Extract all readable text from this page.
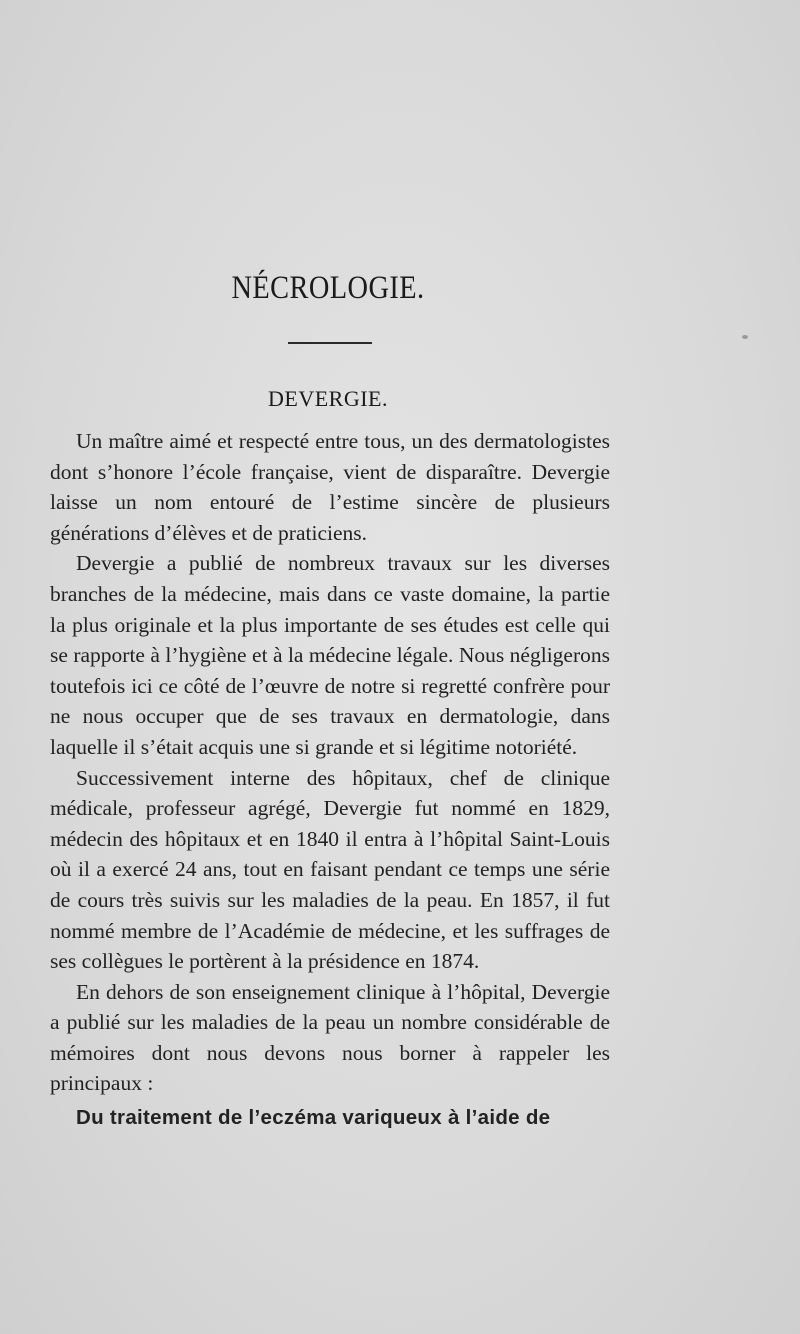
NÉCROLOGIE.
DEVERGIE.

Un maître aimé et respecté entre tous, un des dermatologistes dont s’honore l’école française, vient de disparaître. Devergie laisse un nom entouré de l’estime sincère de plusieurs générations d’élèves et de praticiens.

Devergie a publié de nombreux travaux sur les diverses branches de la médecine, mais dans ce vaste domaine, la partie la plus originale et la plus importante de ses études est celle qui se rapporte à l’hygiène et à la médecine légale. Nous négligerons toutefois ici ce côté de l’œuvre de notre si regretté confrère pour ne nous occuper que de ses travaux en dermatologie, dans laquelle il s’était acquis une si grande et si légitime notoriété.

Successivement interne des hôpitaux, chef de clinique médicale, professeur agrégé, Devergie fut nommé en 1829, médecin des hôpitaux et en 1840 il entra à l’hôpital Saint-Louis où il a exercé 24 ans, tout en faisant pendant ce temps une série de cours très suivis sur les maladies de la peau. En 1857, il fut nommé membre de l’Académie de médecine, et les suffrages de ses collègues le portèrent à la présidence en 1874.

En dehors de son enseignement clinique à l’hôpital, Devergie a publié sur les maladies de la peau un nombre considérable de mémoires dont nous devons nous borner à rappeler les principaux :

Du traitement de l’eczéma variqueux à l’aide de
